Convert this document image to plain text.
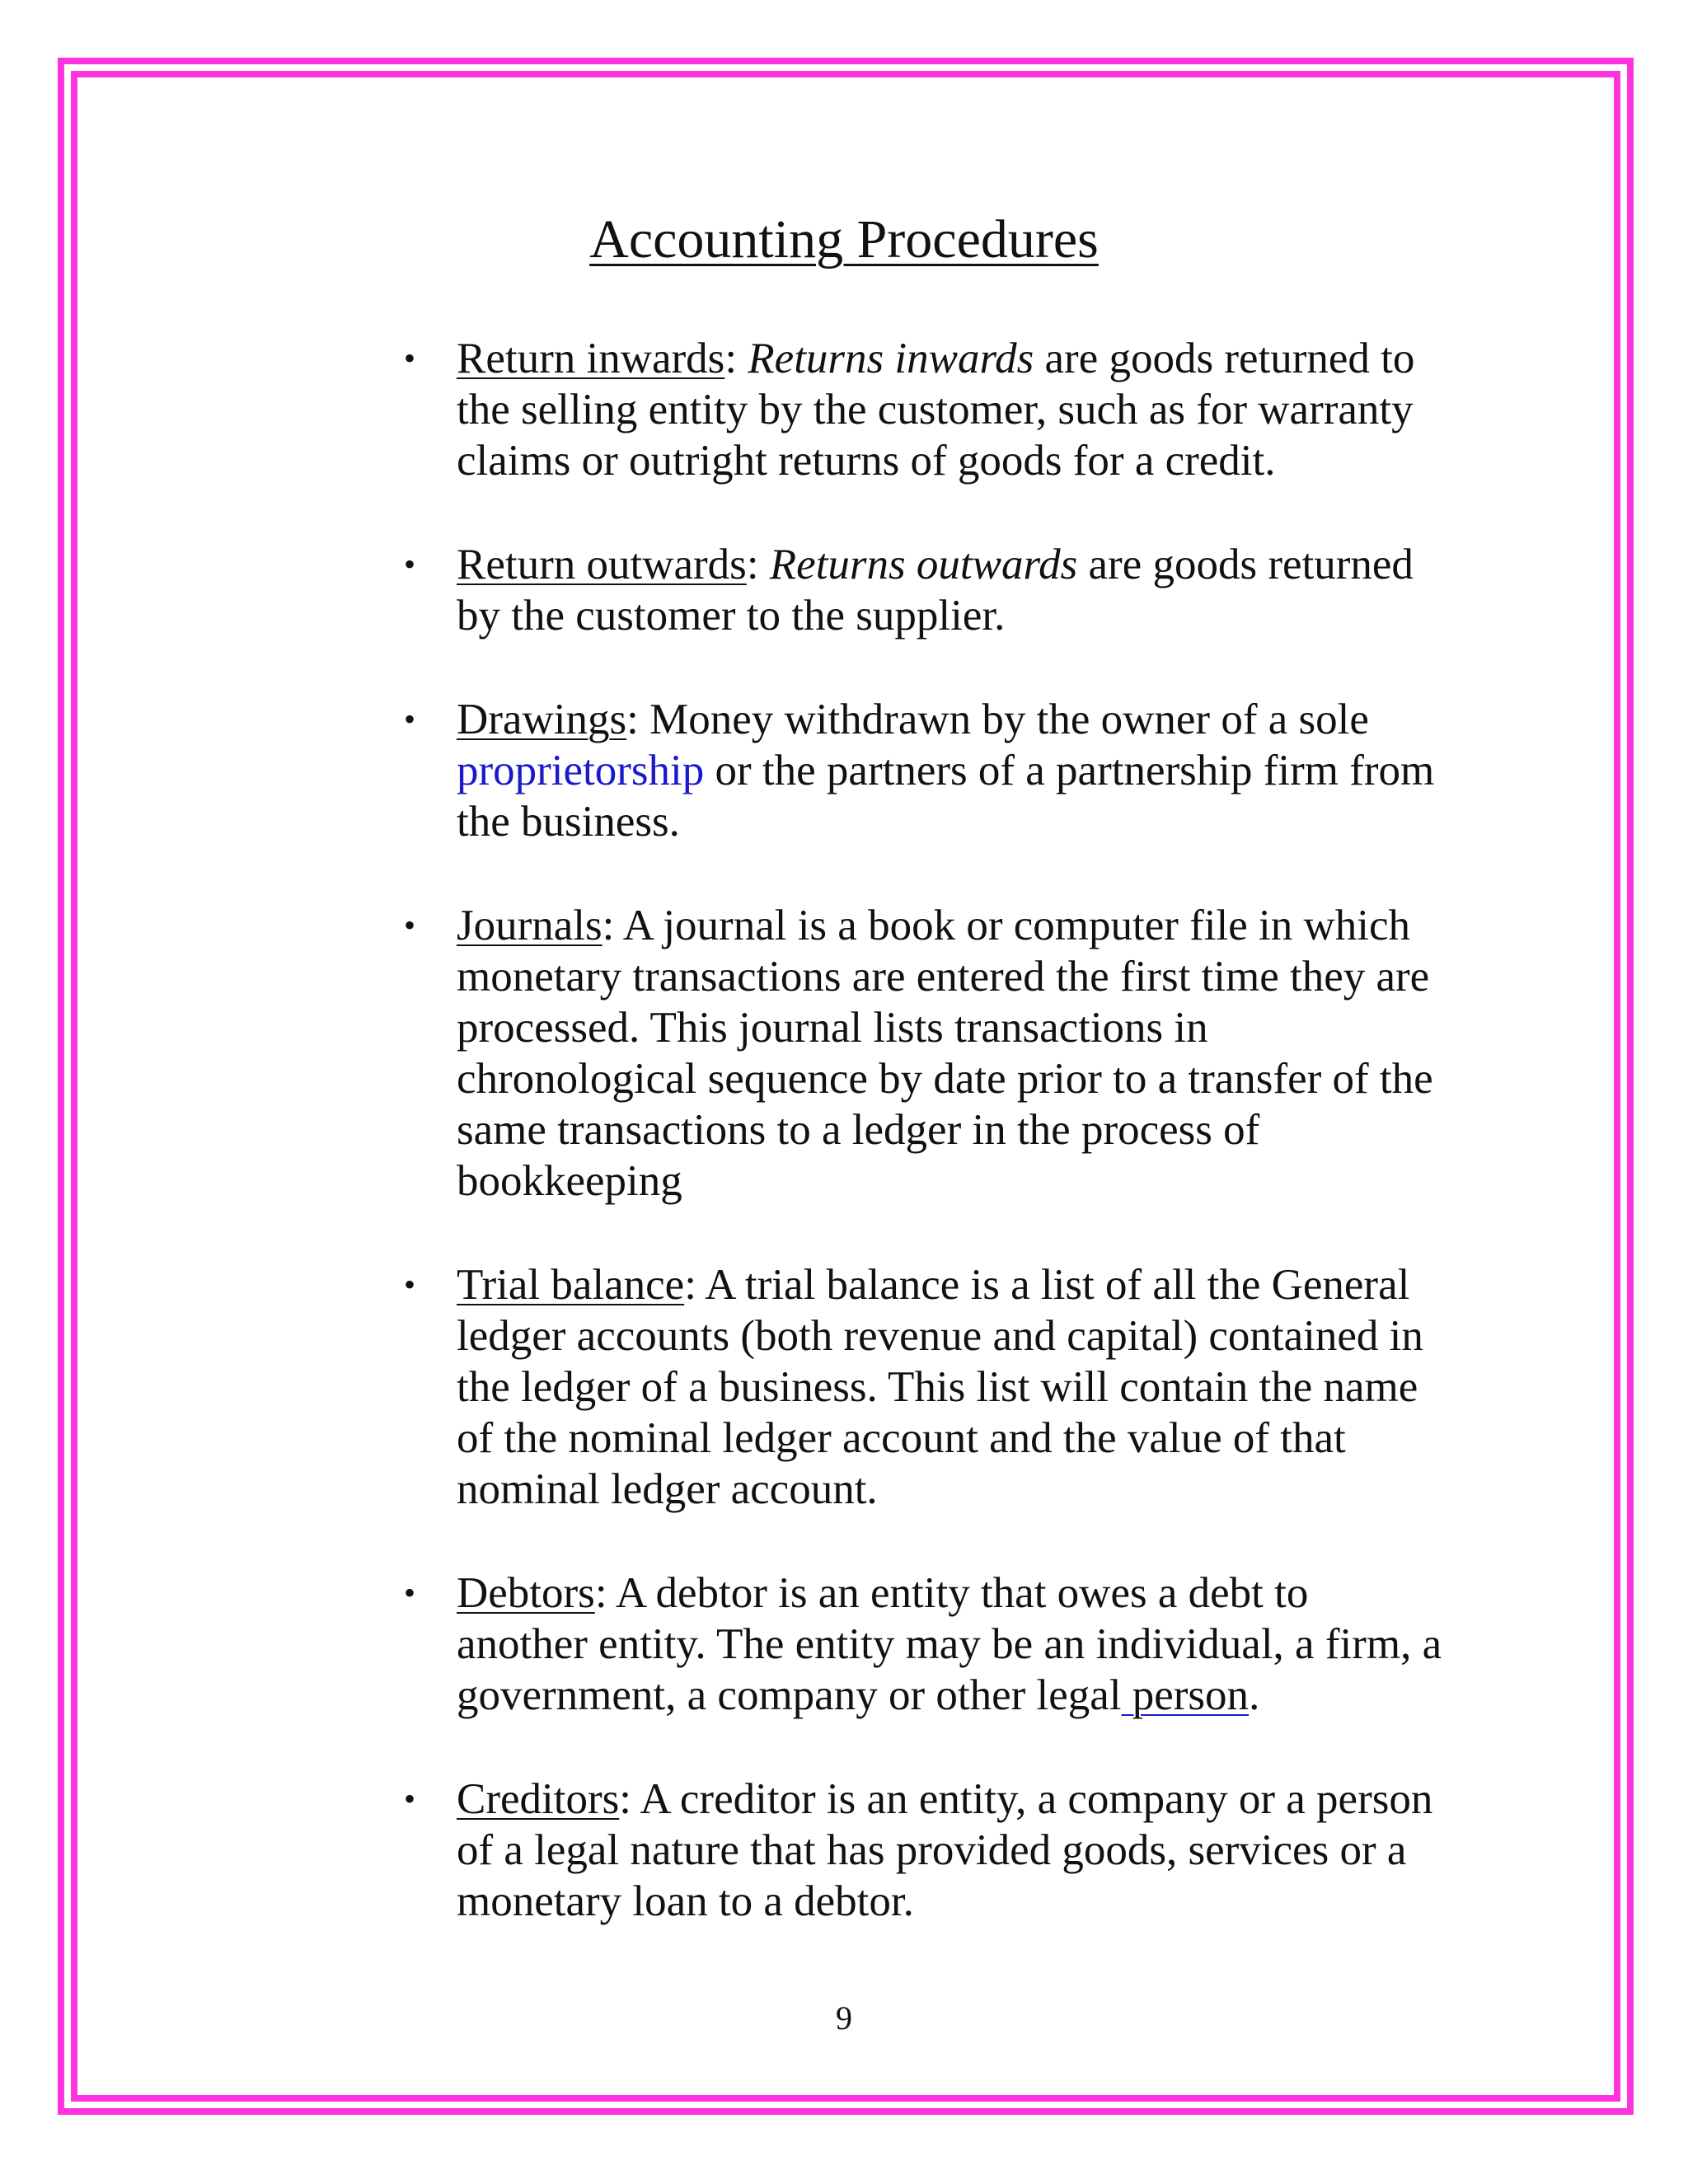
Accounting Procedures
• Return inwards: Returns inwards are goods returned to the selling entity by the customer, such as for warranty claims or outright returns of goods for a credit.
• Return outwards: Returns outwards are goods returned by the customer to the supplier.
• Drawings: Money withdrawn by the owner of a sole proprietorship or the partners of a partnership firm from the business.
• Journals: A journal is a book or computer file in which monetary transactions are entered the first time they are processed. This journal lists transactions in chronological sequence by date prior to a transfer of the same transactions to a ledger in the process of bookkeeping
• Trial balance: A trial balance is a list of all the General ledger accounts (both revenue and capital) contained in the ledger of a business. This list will contain the name of the nominal ledger account and the value of that nominal ledger account.
• Debtors: A debtor is an entity that owes a debt to another entity. The entity may be an individual, a firm, a government, a company or other legal person.
• Creditors: A creditor is an entity, a company or a person of a legal nature that has provided goods, services or a monetary loan to a debtor.
9
